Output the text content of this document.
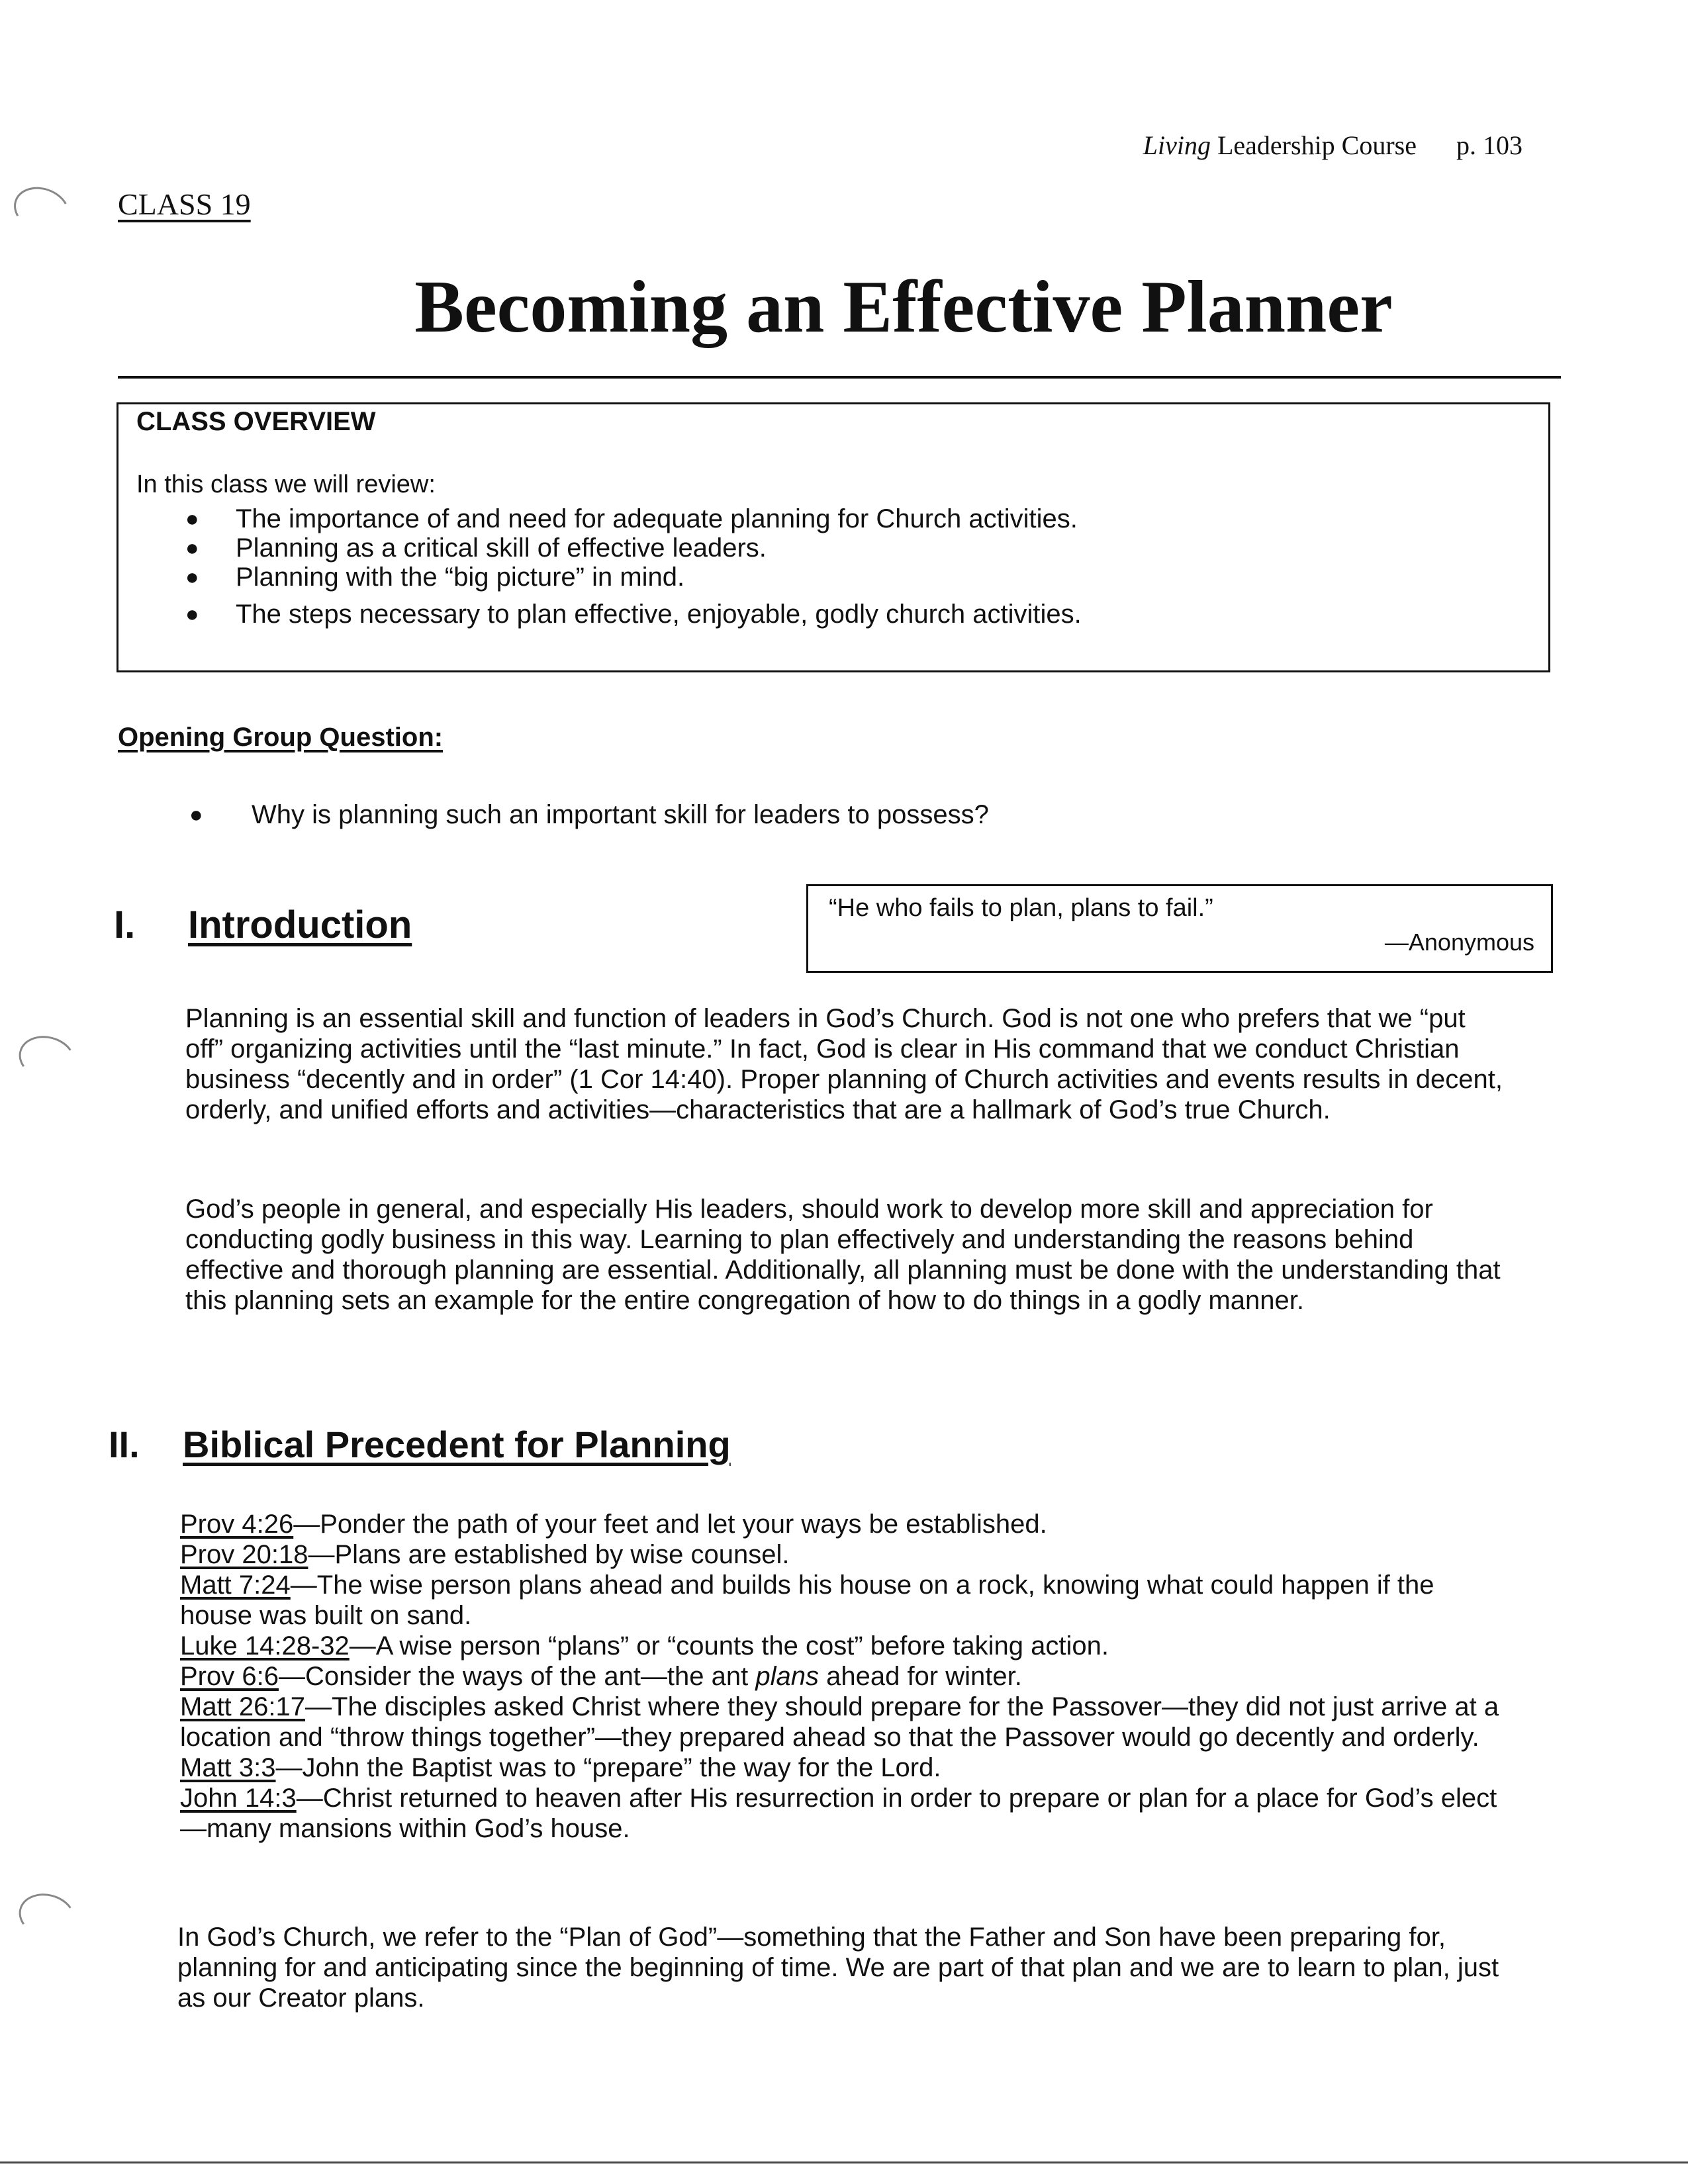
Living Leadership Course p. 103
CLASS 19
Becoming an Effective Planner
CLASS OVERVIEW
In this class we will review:
● The importance of and need for adequate planning for Church activities.
● Planning as a critical skill of effective leaders.
● Planning with the “big picture” in mind.
● The steps necessary to plan effective, enjoyable, godly church activities.
Opening Group Question:
● Why is planning such an important skill for leaders to possess?
I. Introduction	“He who fails to plan, plans to fail.”
—Anonymous
Planning is an essential skill and function of leaders in God’s Church. God is not one who prefers that we “put off” organizing activities until the “last minute.” In fact, God is clear in His command that we conduct Christian business “decently and in order” (1 Cor 14:40). Proper planning of Church activities and events results in decent, orderly, and unified efforts and activities—characteristics that are a hallmark of God’s true Church.
God’s people in general, and especially His leaders, should work to develop more skill and appreciation for conducting godly business in this way. Learning to plan effectively and understanding the reasons behind effective and thorough planning are essential. Additionally, all planning must be done with the understanding that this planning sets an example for the entire congregation of how to do things in a godly manner.
II. Biblical Precedent for Planning
Prov 4:26—Ponder the path of your feet and let your ways be established.
Prov 20:18—Plans are established by wise counsel.
Matt 7:24—The wise person plans ahead and builds his house on a rock, knowing what could happen if the house was built on sand.
Luke 14:28-32—A wise person “plans” or “counts the cost” before taking action.
Prov 6:6—Consider the ways of the ant—the ant plans ahead for winter.
Matt 26:17—The disciples asked Christ where they should prepare for the Passover—they did not just arrive at a location and “throw things together”—they prepared ahead so that the Passover would go decently and orderly.
Matt 3:3—John the Baptist was to “prepare” the way for the Lord.
John 14:3—Christ returned to heaven after His resurrection in order to prepare or plan for a place for God’s elect—many mansions within God’s house.
In God’s Church, we refer to the “Plan of God”—something that the Father and Son have been preparing for, planning for and anticipating since the beginning of time. We are part of that plan and we are to learn to plan, just as our Creator plans.
